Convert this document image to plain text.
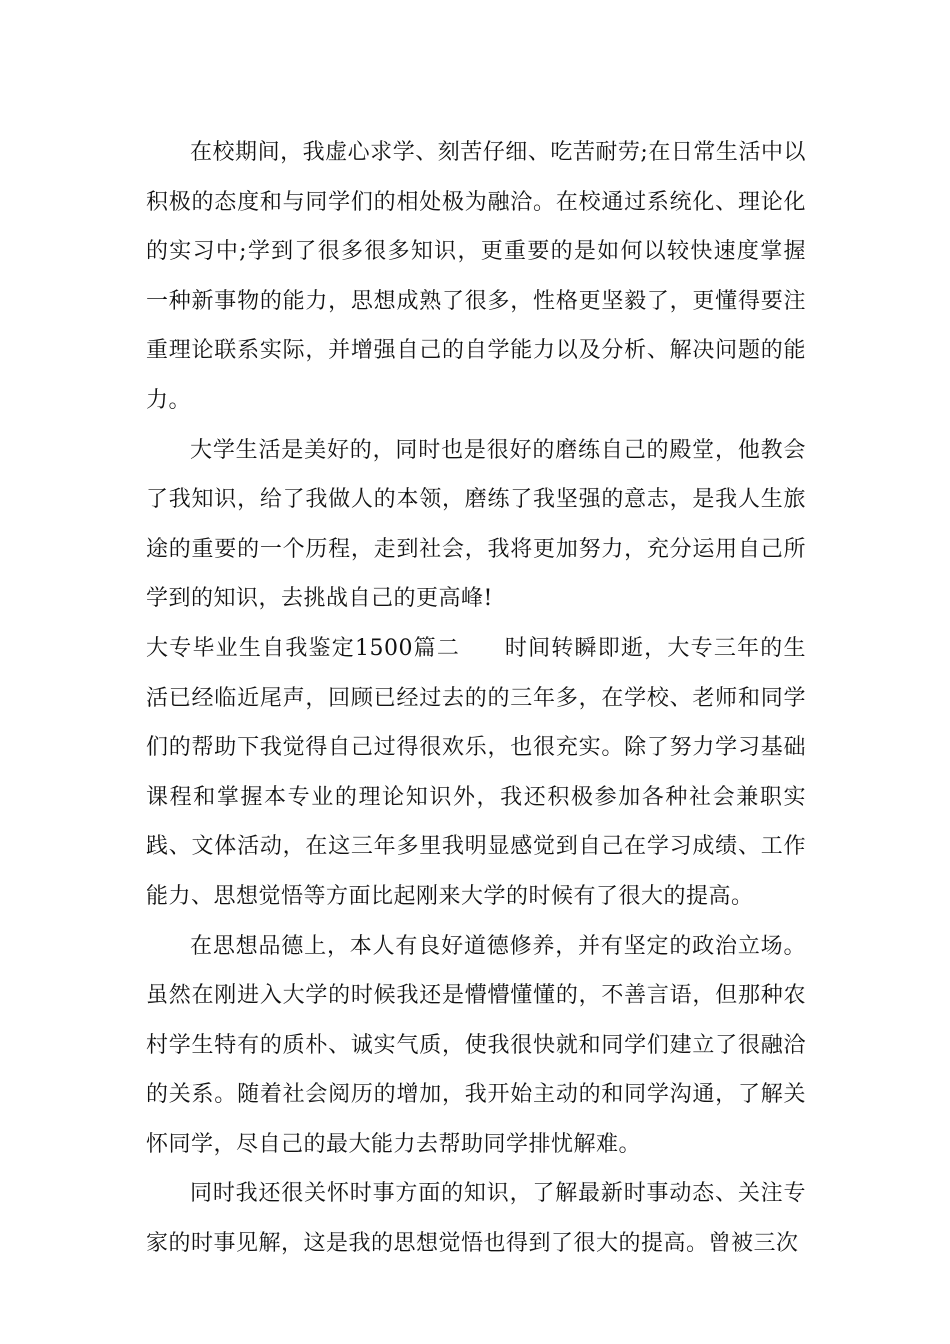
在校期间，我虚心求学、刻苦仔细、吃苦耐劳;在日常生活中以积极的态度和与同学们的相处极为融洽。在校通过系统化、理论化的实习中;学到了很多很多知识，更重要的是如何以较快速度掌握一种新事物的能力，思想成熟了很多，性格更坚毅了，更懂得要注重理论联系实际，并增强自己的自学能力以及分析、解决问题的能力。

大学生活是美好的，同时也是很好的磨练自己的殿堂，他教会了我知识，给了我做人的本领，磨练了我坚强的意志，是我人生旅途的重要的一个历程，走到社会，我将更加努力，充分运用自己所学到的知识，去挑战自己的更高峰!

大专毕业生自我鉴定1500篇二 时间转瞬即逝，大专三年的生活已经临近尾声，回顾已经过去的的三年多，在学校、老师和同学们的帮助下我觉得自己过得很欢乐，也很充实。除了努力学习基础课程和掌握本专业的理论知识外，我还积极参加各种社会兼职实践、文体活动，在这三年多里我明显感觉到自己在学习成绩、工作能力、思想觉悟等方面比起刚来大学的时候有了很大的提高。

在思想品德上，本人有良好道德修养，并有坚定的政治立场。虽然在刚进入大学的时候我还是懵懵懂懂的，不善言语，但那种农村学生特有的质朴、诚实气质，使我很快就和同学们建立了很融洽的关系。随着社会阅历的增加，我开始主动的和同学沟通，了解关怀同学，尽自己的最大能力去帮助同学排忧解难。

同时我还很关怀时事方面的知识，了解最新时事动态、关注专家的时事见解，这是我的思想觉悟也得到了很大的提高。曾被三次
